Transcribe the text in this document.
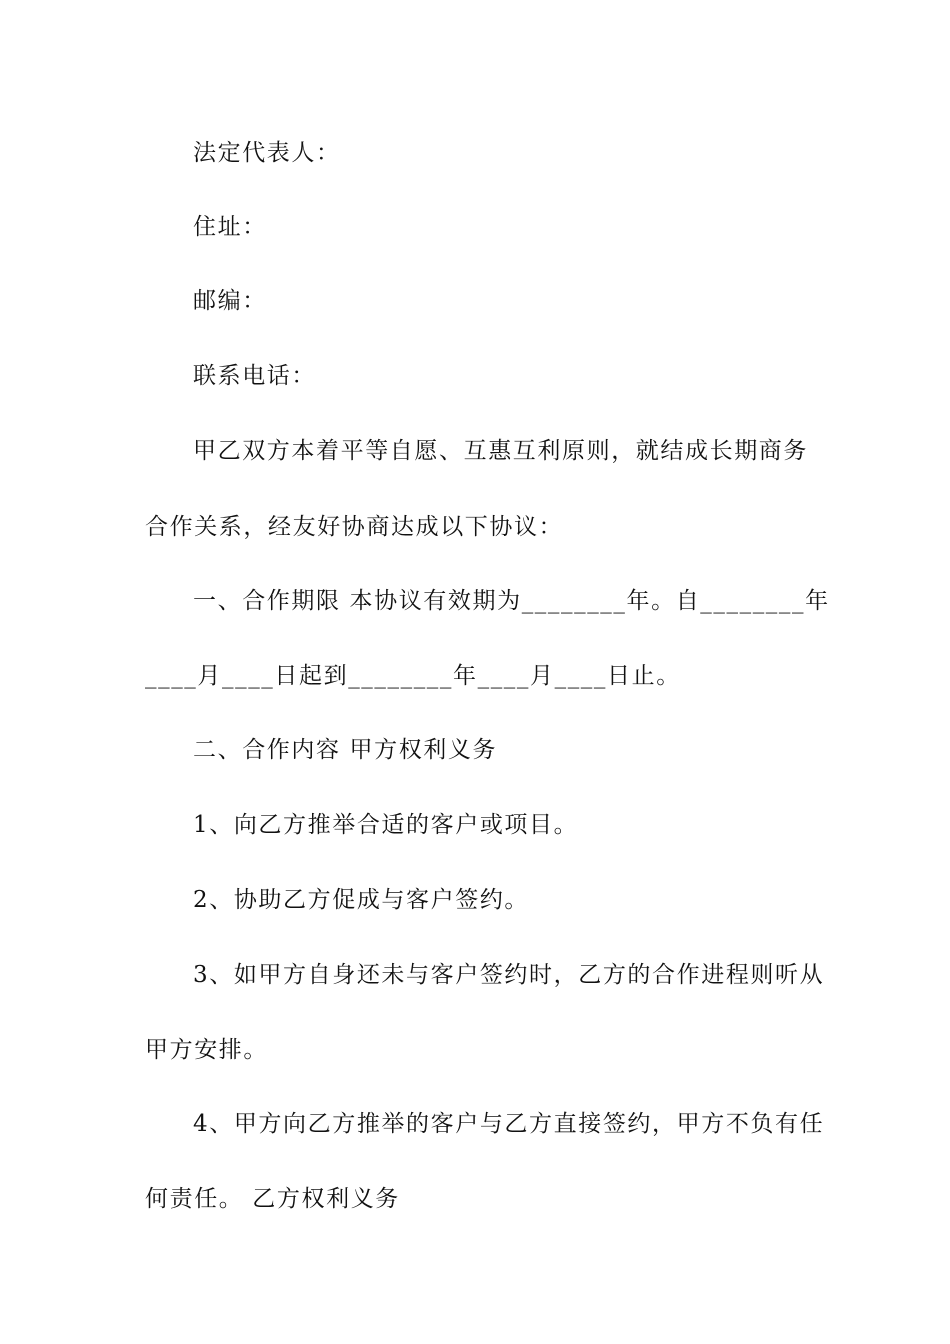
法定代表人：
住址：
邮编：
联系电话：
甲乙双方本着平等自愿、互惠互利原则，就结成长期商务
合作关系，经友好协商达成以下协议：
一、合作期限 本协议有效期为________年。自________年
____月____日起到________年____月____日止。
二、合作内容 甲方权利义务
1、向乙方推举合适的客户或项目。
2、协助乙方促成与客户签约。
3、如甲方自身还未与客户签约时，乙方的合作进程则听从
甲方安排。
4、甲方向乙方推举的客户与乙方直接签约，甲方不负有任
何责任。 乙方权利义务
